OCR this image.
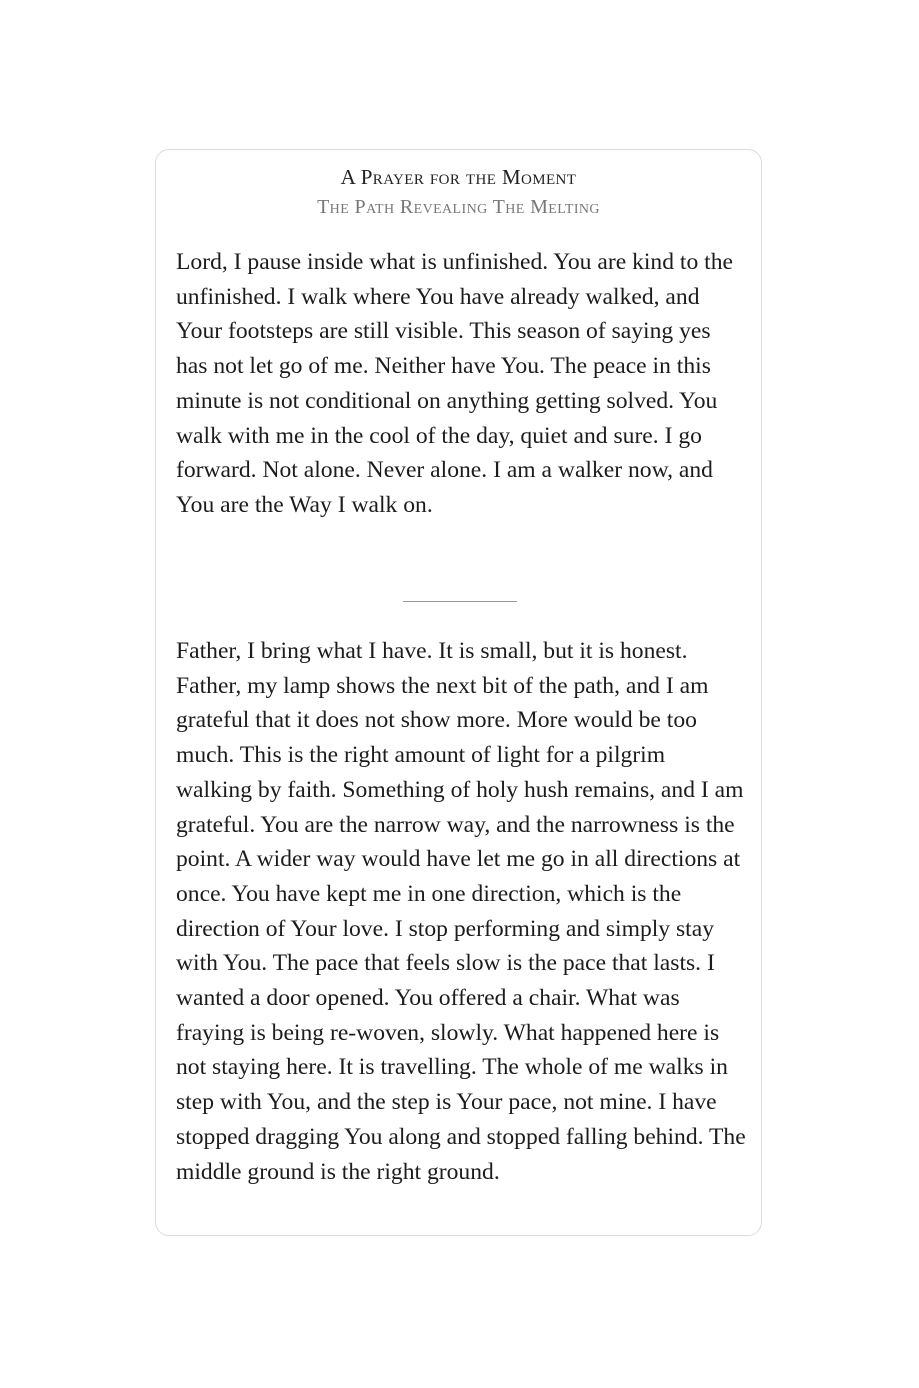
A Prayer for the Moment
The Path Revealing The Melting

Lord, I pause inside what is unfinished. You are kind to the unfinished. I walk where You have already walked, and Your footsteps are still visible. This season of saying yes has not let go of me. Neither have You. The peace in this minute is not conditional on anything getting solved. You walk with me in the cool of the day, quiet and sure. I go forward. Not alone. Never alone. I am a walker now, and You are the Way I walk on.

Father, I bring what I have. It is small, but it is honest. Father, my lamp shows the next bit of the path, and I am grateful that it does not show more. More would be too much. This is the right amount of light for a pilgrim walking by faith. Something of holy hush remains, and I am grateful. You are the narrow way, and the narrowness is the point. A wider way would have let me go in all directions at once. You have kept me in one direction, which is the direction of Your love. I stop performing and simply stay with You. The pace that feels slow is the pace that lasts. I wanted a door opened. You offered a chair. What was fraying is being re-woven, slowly. What happened here is not staying here. It is travelling. The whole of me walks in step with You, and the step is Your pace, not mine. I have stopped dragging You along and stopped falling behind. The middle ground is the right ground.
